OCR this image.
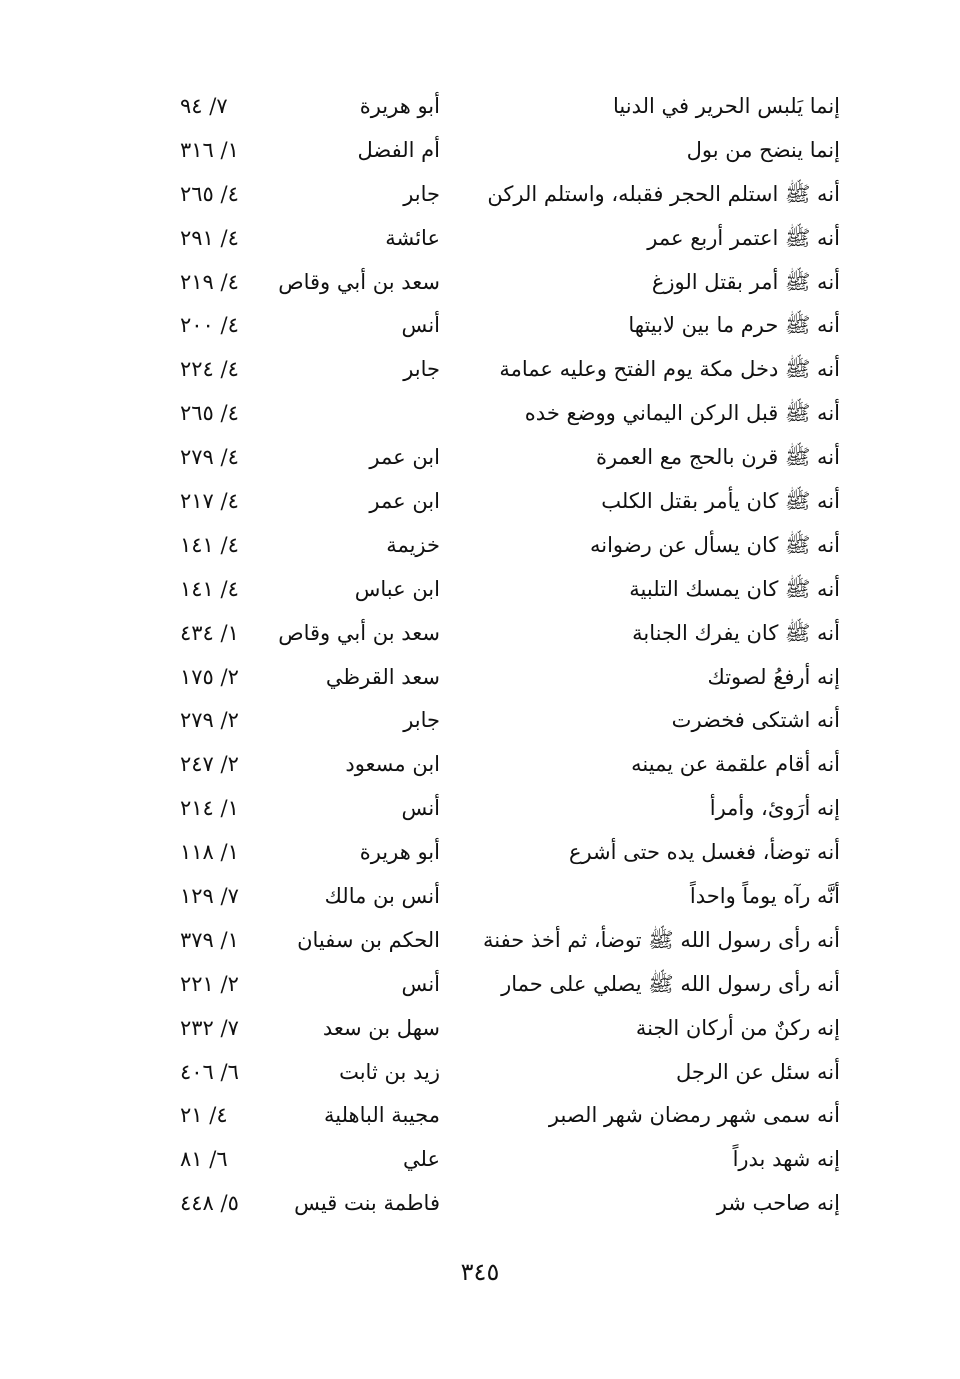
إنما يَلبس الحرير في الدنيا
أبو هريرة
٧/ ٩٤
إنما ينضح من بول
أم الفضل
١/ ٣١٦
أنه ﷺ استلم الحجر فقبله، واستلم الركن
جابر
٤/ ٢٦٥
أنه ﷺ اعتمر أربع عمر
عائشة
٤/ ٢٩١
أنه ﷺ أمر بقتل الوزغ
سعد بن أبي وقاص
٤/ ٢١٩
أنه ﷺ حرم ما بين لابيتها
أنس
٤/ ٢٠٠
أنه ﷺ دخل مكة يوم الفتح وعليه عمامة
جابر
٤/ ٢٢٤
أنه ﷺ قبل الركن اليماني ووضع خده
٤/ ٢٦٥
أنه ﷺ قرن بالحج مع العمرة
ابن عمر
٤/ ٢٧٩
أنه ﷺ كان يأمر بقتل الكلب
ابن عمر
٤/ ٢١٧
أنه ﷺ كان يسأل عن رضوانه
خزيمة
٤/ ١٤١
أنه ﷺ كان يمسك التلبية
ابن عباس
٤/ ١٤١
أنه ﷺ كان يفرك الجنابة
سعد بن أبي وقاص
١/ ٤٣٤
إنه أرفعُ لصوتك
سعد القرظي
٢/ ١٧٥
أنه اشتكى فخضرت
جابر
٢/ ٢٧٩
أنه أقام علقمة عن يمينه
ابن مسعود
٢/ ٢٤٧
إنه أرَوئ، وأمرأ
أنس
١/ ٢١٤
أنه توضأ، فغسل يده حتى أشرع
أبو هريرة
١/ ١١٨
أنَّه رآه يوماً واحداً
أنس بن مالك
٧/ ١٢٩
أنه رأى رسول الله ﷺ توضأ، ثم أخذ حفنة
الحكم بن سفيان
١/ ٣٧٩
أنه رأى رسول الله ﷺ يصلي على حمار
أنس
٢/ ٢٢١
إنه ركنٌ من أركان الجنة
سهل بن سعد
٧/ ٢٣٢
أنه سئل عن الرجل
زيد بن ثابت
٦/ ٤٠٦
أنه سمى شهر رمضان شهر الصبر
مجيبة الباهلية
٤/ ٢١
إنه شهد بدراً
علي
٦/ ٨١
إنه صاحب شر
فاطمة بنت قيس
٥/ ٤٤٨
٣٤٥
